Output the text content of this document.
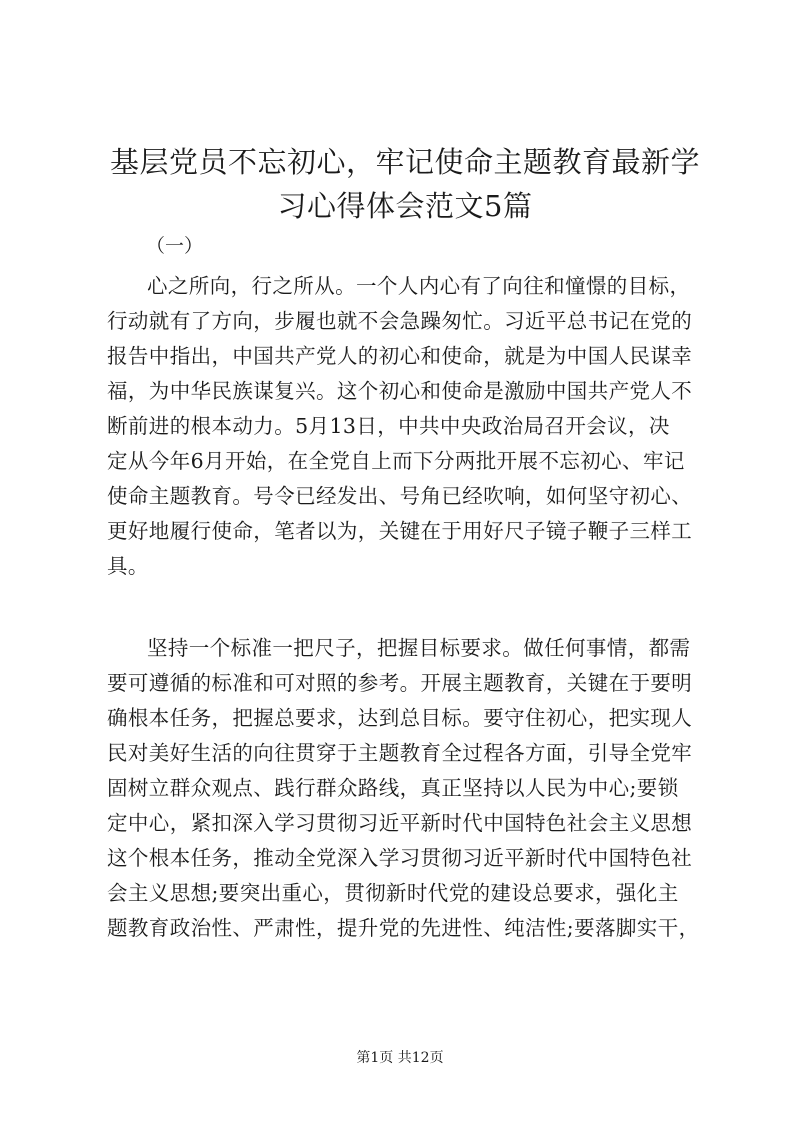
基层党员不忘初心，牢记使命主题教育最新学
习心得体会范文5篇

（一）

心之所向，行之所从。一个人内心有了向往和憧憬的目标，
行动就有了方向，步履也就不会急躁匆忙。习近平总书记在党的
报告中指出，中国共产党人的初心和使命，就是为中国人民谋幸
福，为中华民族谋复兴。这个初心和使命是激励中国共产党人不
断前进的根本动力。5月13日，中共中央政治局召开会议，决
定从今年6月开始，在全党自上而下分两批开展不忘初心、牢记
使命主题教育。号令已经发出、号角已经吹响，如何坚守初心、
更好地履行使命，笔者以为，关键在于用好尺子镜子鞭子三样工
具。
坚持一个标准一把尺子，把握目标要求。做任何事情，都需
要可遵循的标准和可对照的参考。开展主题教育，关键在于要明
确根本任务，把握总要求，达到总目标。要守住初心，把实现人
民对美好生活的向往贯穿于主题教育全过程各方面，引导全党牢
固树立群众观点、践行群众路线，真正坚持以人民为中心;要锁
定中心，紧扣深入学习贯彻习近平新时代中国特色社会主义思想
这个根本任务，推动全党深入学习贯彻习近平新时代中国特色社
会主义思想;要突出重心，贯彻新时代党的建设总要求，强化主
题教育政治性、严肃性，提升党的先进性、纯洁性;要落脚实干，

第1页 共12页
